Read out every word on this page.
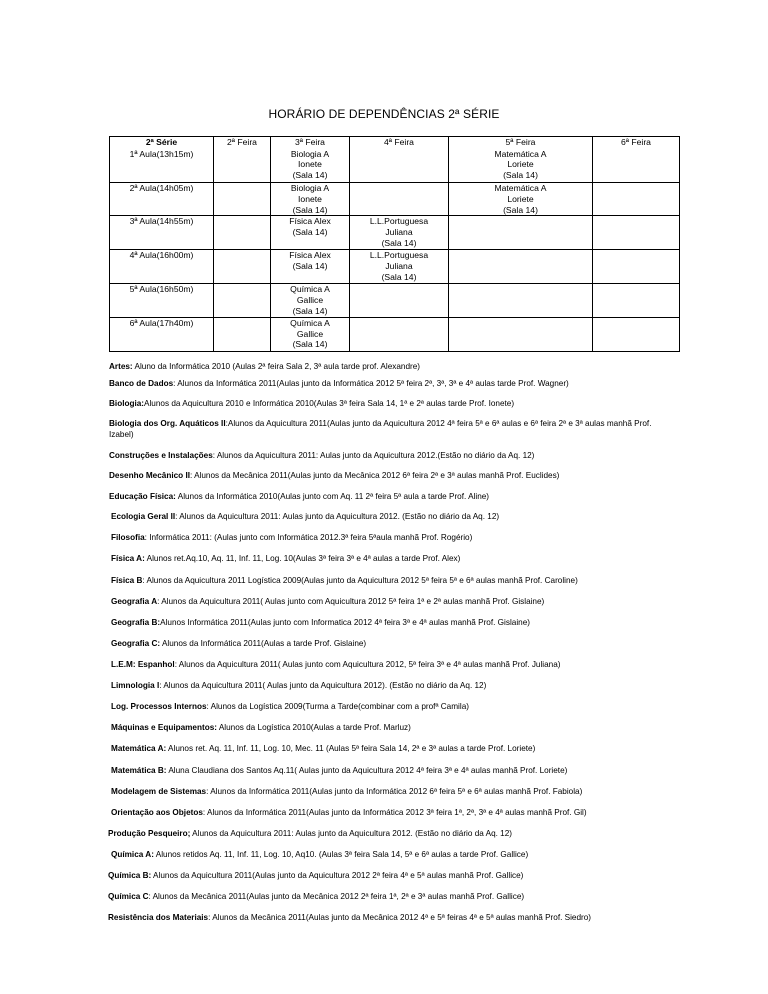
HORÁRIO DE DEPENDÊNCIAS 2ª SÉRIE
2ª Série	2ª Feira	3ª Feira	4ª Feira	5ª Feira	6ª Feira
1ª Aula(13h15m)		Biologia A
Ionete
(Sala 14)		Matemática A
Loriete
(Sala 14)	
2ª Aula(14h05m)		Biologia A
Ionete
(Sala 14)		Matemática A
Loriete
(Sala 14)	
3ª Aula(14h55m)		Física Alex
(Sala 14)	L.L.Portuguesa
Juliana
(Sala 14)		
4ª Aula(16h00m)		Física Alex
(Sala 14)	L.L.Portuguesa
Juliana
(Sala 14)		
5ª Aula(16h50m)		Química A
Gallice
(Sala 14)			
6ª Aula(17h40m)		Química A
Gallice
(Sala 14)			
Artes: Aluno da Informática 2010 (Aulas 2ª feira Sala 2, 3ª aula tarde prof. Alexandre)
Banco de Dados: Alunos da Informática 2011(Aulas junto da Informática 2012 5ª feira 2ª, 3ª, 3ª e 4ª aulas tarde Prof. Wagner)
Biologia:Alunos da Aquicultura 2010 e Informática 2010(Aulas 3ª feira Sala 14, 1ª e 2ª aulas tarde Prof. Ionete)
Biologia dos Org. Aquáticos II:Alunos da Aquicultura 2011(Aulas junto da Aquicultura 2012 4ª feira 5ª e 6ª aulas e 6ª feira 2ª e 3ª aulas manhã Prof. Izabel)
Construções e Instalações: Alunos da Aquicultura 2011: Aulas junto da Aquicultura 2012.(Estão no diário da Aq. 12)
Desenho Mecânico II: Alunos da Mecânica 2011(Aulas junto da Mecânica 2012 6ª feira 2ª e 3ª aulas manhã Prof. Euclides)
Educação Física: Alunos da Informática 2010(Aulas junto com Aq. 11 2ª feira 5ª aula a tarde Prof. Aline)
Ecologia Geral II: Alunos da Aquicultura 2011: Aulas junto da Aquicultura 2012. (Estão no diário da Aq. 12)
Filosofia: Informática 2011: (Aulas junto com Informática 2012.3ª feira 5ªaula manhã Prof. Rogério)
Física A: Alunos ret.Aq.10, Aq. 11, Inf. 11, Log. 10(Aulas 3ª feira 3ª e 4ª aulas a tarde Prof. Alex)
Física B: Alunos da Aquicultura 2011 Logística 2009(Aulas junto da Aquicultura 2012 5ª feira 5ª e 6ª aulas manhã Prof. Caroline)
Geografia A: Alunos da Aquicultura 2011( Aulas junto com Aquicultura 2012 5ª feira 1ª e 2ª aulas manhã Prof. Gislaine)
Geografia B:Alunos Informática 2011(Aulas junto com Informatica 2012 4ª feira 3ª e 4ª aulas manhã Prof. Gislaine)
Geografia C: Alunos da Informática 2011(Aulas a tarde Prof. Gislaine)
L.E.M: Espanhol: Alunos da Aquicultura 2011( Aulas junto com Aquicultura 2012, 5ª feira 3ª e 4ª aulas manhã Prof. Juliana)
Limnologia I: Alunos da Aquicultura 2011( Aulas junto da Aquicultura 2012). (Estão no diário da Aq. 12)
Log. Processos Internos: Alunos da Logística 2009(Turma a Tarde(combinar com a profª Camila)
Máquinas e Equipamentos: Alunos da Logística 2010(Aulas a tarde Prof. Marluz)
Matemática A: Alunos ret. Aq. 11, Inf. 11, Log. 10, Mec. 11 (Aulas 5ª feira Sala 14, 2ª e 3ª aulas a tarde Prof. Loriete)
Matemática B: Aluna Claudiana dos Santos Aq.11( Aulas junto da Aquicultura 2012 4ª feira 3ª e 4ª aulas manhã Prof. Loriete)
Modelagem de Sistemas: Alunos da Informática 2011(Aulas junto da Informática 2012 6ª feira 5ª e 6ª aulas manhã Prof. Fabiola)
Orientação aos Objetos: Alunos da Informática 2011(Aulas junto da Informática 2012 3ª feira 1ª, 2ª, 3ª e 4ª aulas manhã Prof. Gil)
Produção Pesqueiro; Alunos da Aquicultura 2011: Aulas junto da Aquicultura 2012. (Estão no diário da Aq. 12)
Química A: Alunos retidos Aq. 11, Inf. 11, Log. 10, Aq10. (Aulas 3ª feira Sala 14, 5ª e 6ª aulas a tarde Prof. Gallice)
Química B: Alunos da Aquicultura 2011(Aulas junto da Aquicultura 2012 2ª feira 4ª e 5ª aulas manhã Prof. Gallice)
Química C: Alunos da Mecânica 2011(Aulas junto da Mecânica 2012 2ª feira 1ª, 2ª e 3ª aulas manhã Prof. Gallice)
Resistência dos Materiais: Alunos da Mecânica 2011(Aulas junto da Mecânica 2012 4ª e 5ª feiras 4ª e 5ª aulas manhã Prof. Siedro)
